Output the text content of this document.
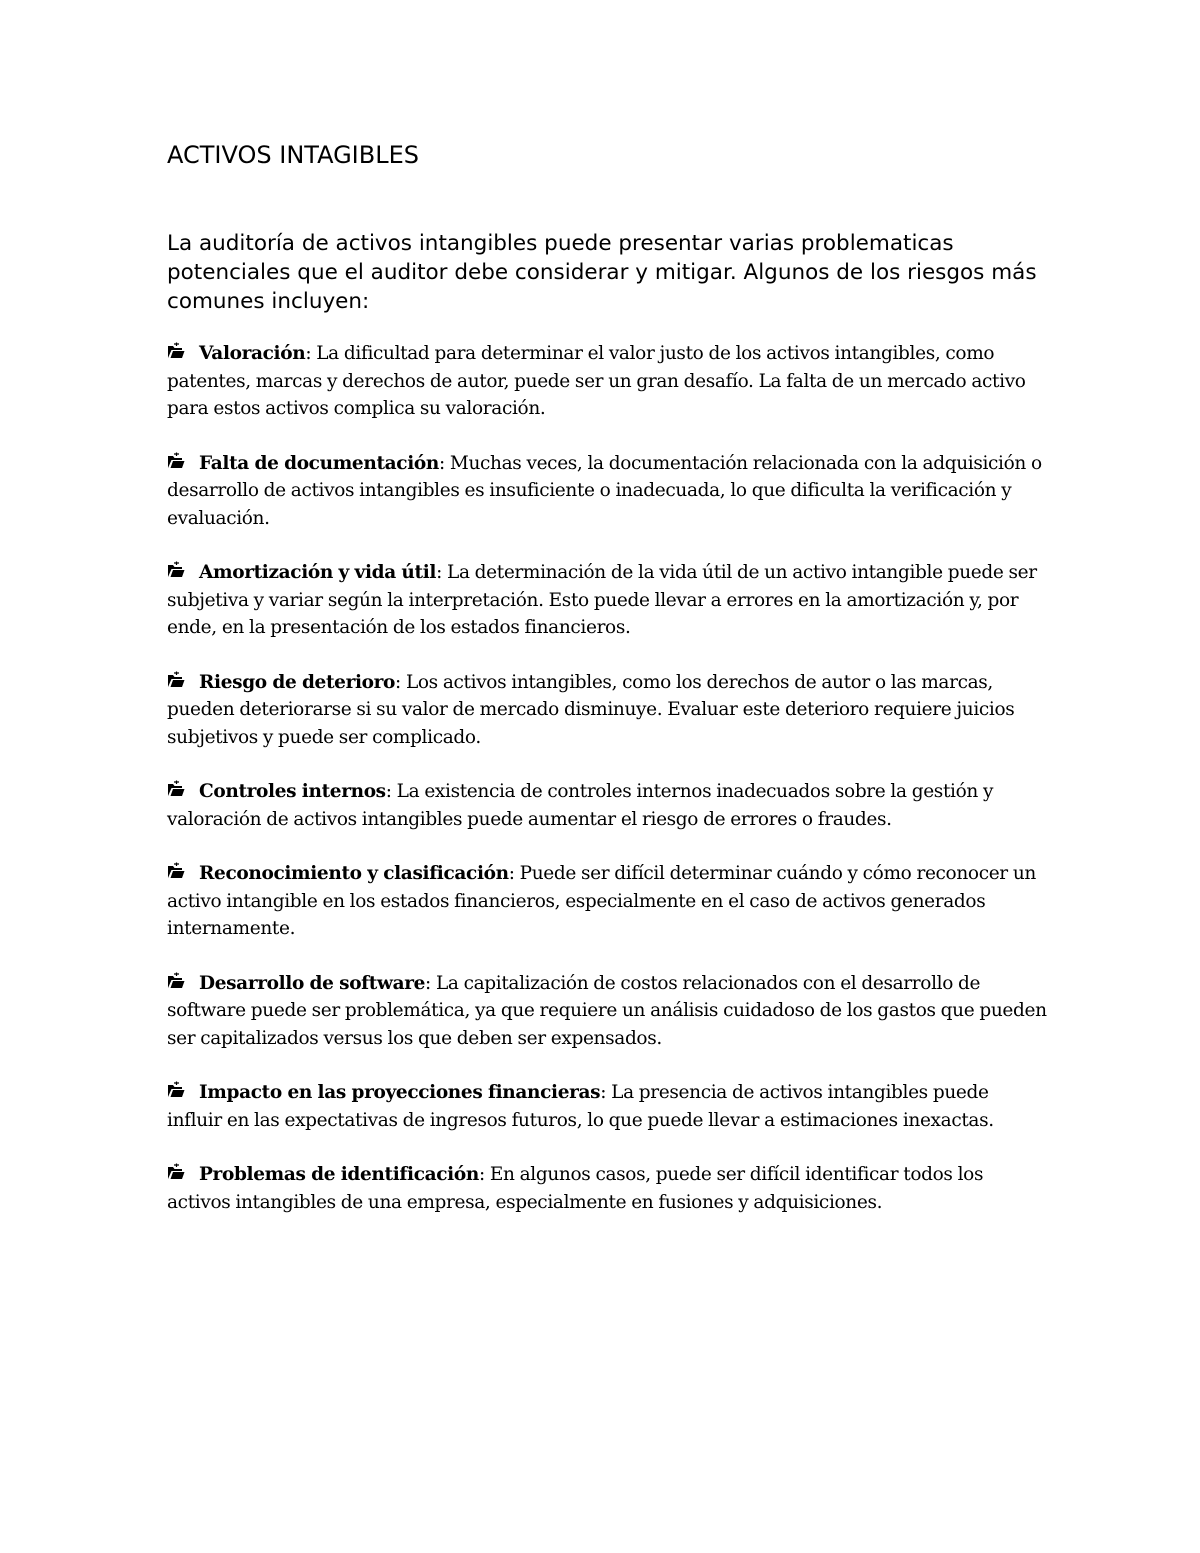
ACTIVOS INTAGIBLES

La auditoría de activos intangibles puede presentar varias problematicas potenciales que el auditor debe considerar y mitigar. Algunos de los riesgos más comunes incluyen:

Valoración: La dificultad para determinar el valor justo de los activos intangibles, como patentes, marcas y derechos de autor, puede ser un gran desafío. La falta de un mercado activo para estos activos complica su valoración.
Falta de documentación: Muchas veces, la documentación relacionada con la adquisición o desarrollo de activos intangibles es insuficiente o inadecuada, lo que dificulta la verificación y evaluación.
Amortización y vida útil: La determinación de la vida útil de un activo intangible puede ser subjetiva y variar según la interpretación. Esto puede llevar a errores en la amortización y, por ende, en la presentación de los estados financieros.
Riesgo de deterioro: Los activos intangibles, como los derechos de autor o las marcas, pueden deteriorarse si su valor de mercado disminuye. Evaluar este deterioro requiere juicios subjetivos y puede ser complicado.
Controles internos: La existencia de controles internos inadecuados sobre la gestión y valoración de activos intangibles puede aumentar el riesgo de errores o fraudes.
Reconocimiento y clasificación: Puede ser difícil determinar cuándo y cómo reconocer un activo intangible en los estados financieros, especialmente en el caso de activos generados internamente.
Desarrollo de software: La capitalización de costos relacionados con el desarrollo de software puede ser problemática, ya que requiere un análisis cuidadoso de los gastos que pueden ser capitalizados versus los que deben ser expensados.
Impacto en las proyecciones financieras: La presencia de activos intangibles puede influir en las expectativas de ingresos futuros, lo que puede llevar a estimaciones inexactas.
Problemas de identificación: En algunos casos, puede ser difícil identificar todos los activos intangibles de una empresa, especialmente en fusiones y adquisiciones.
